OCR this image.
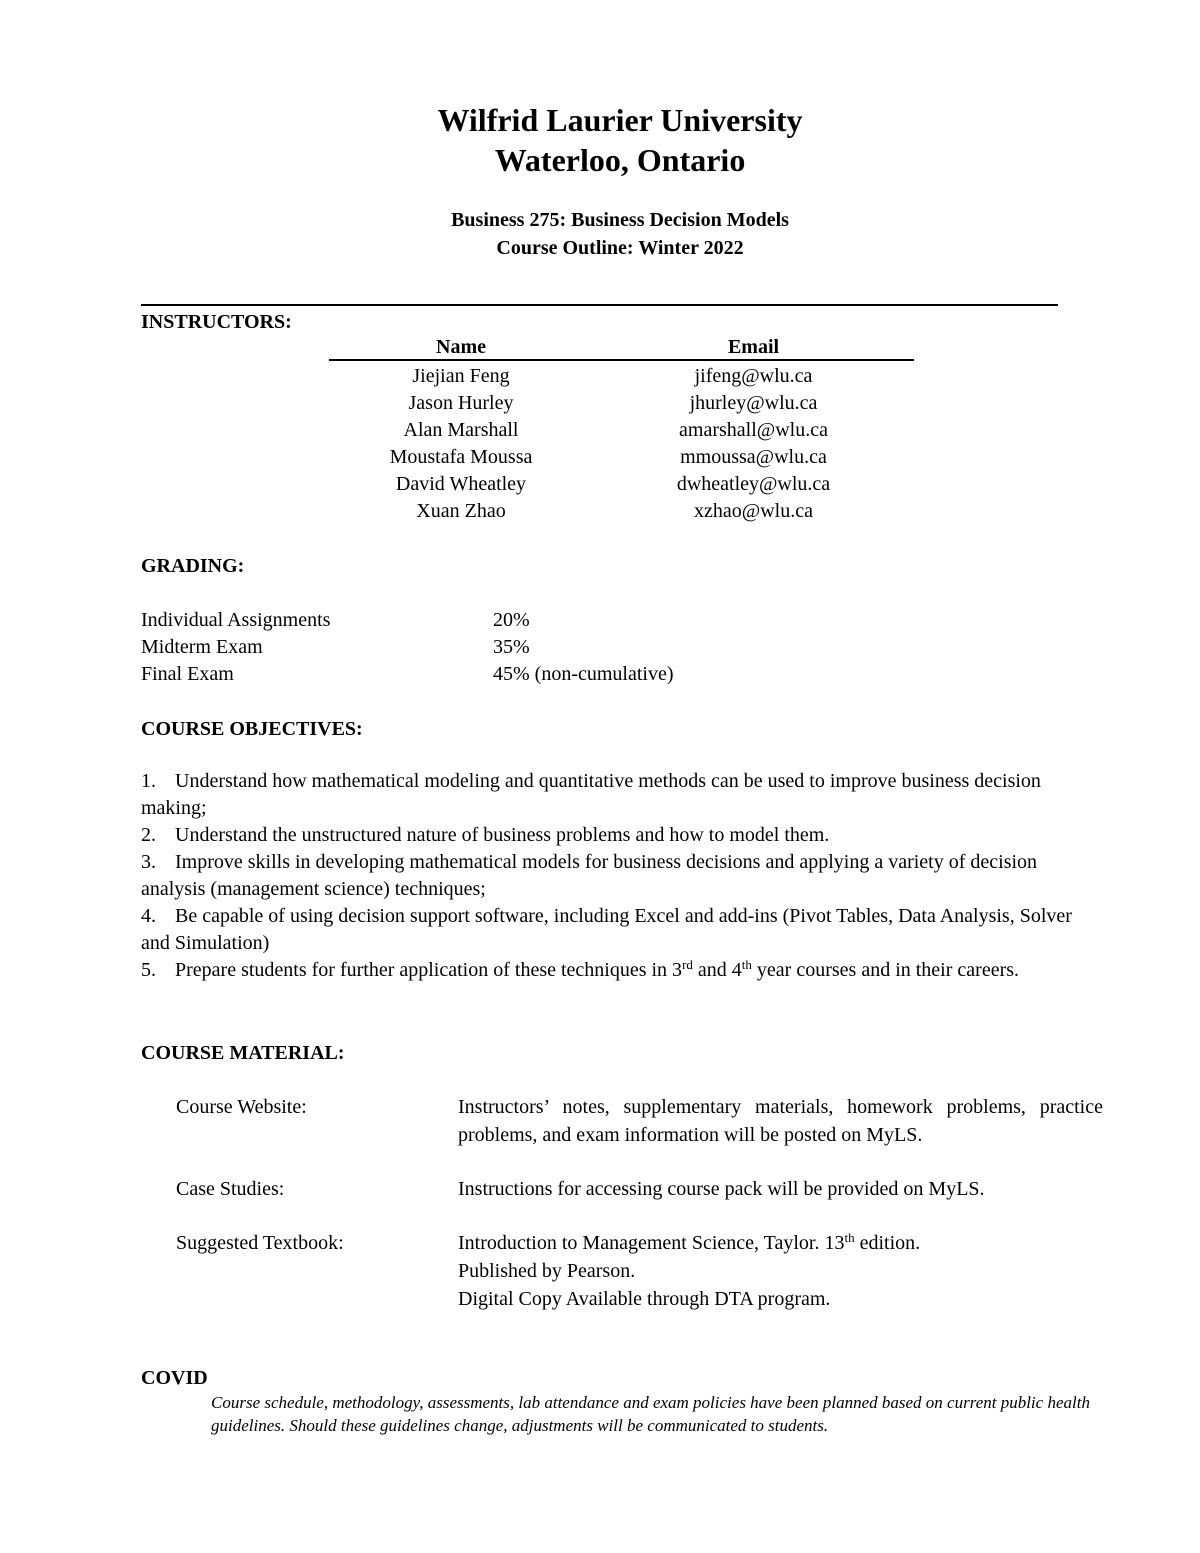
Wilfrid Laurier University
Waterloo, Ontario
Business 275: Business Decision Models
Course Outline: Winter 2022
INSTRUCTORS:
Name	Email
Jiejian Feng	jifeng@wlu.ca
Jason Hurley	jhurley@wlu.ca
Alan Marshall	amarshall@wlu.ca
Moustafa Moussa	mmoussa@wlu.ca
David Wheatley	dwheatley@wlu.ca
Xuan Zhao	xzhao@wlu.ca
GRADING:
Individual Assignments	20%
Midterm Exam	35%
Final Exam	45% (non-cumulative)
COURSE OBJECTIVES:

1. Understand how mathematical modeling and quantitative methods can be used to improve business decision making;

2. Understand the unstructured nature of business problems and how to model them.

3. Improve skills in developing mathematical models for business decisions and applying a variety of decision analysis (management science) techniques;

4. Be capable of using decision support software, including Excel and add-ins (Pivot Tables, Data Analysis, Solver and Simulation)

5. Prepare students for further application of these techniques in 3rd and 4th year courses and in their careers.

COURSE MATERIAL:
Course Website:	Instructors’ notes, supplementary materials, homework problems, practice problems, and exam information will be posted on MyLS.
Case Studies:	Instructions for accessing course pack will be provided on MyLS.
Suggested Textbook:	Introduction to Management Science, Taylor. 13th edition.
Published by Pearson.
Digital Copy Available through DTA program.
COVID
Course schedule, methodology, assessments, lab attendance and exam policies have been planned based on current public health guidelines. Should these guidelines change, adjustments will be communicated to students.
